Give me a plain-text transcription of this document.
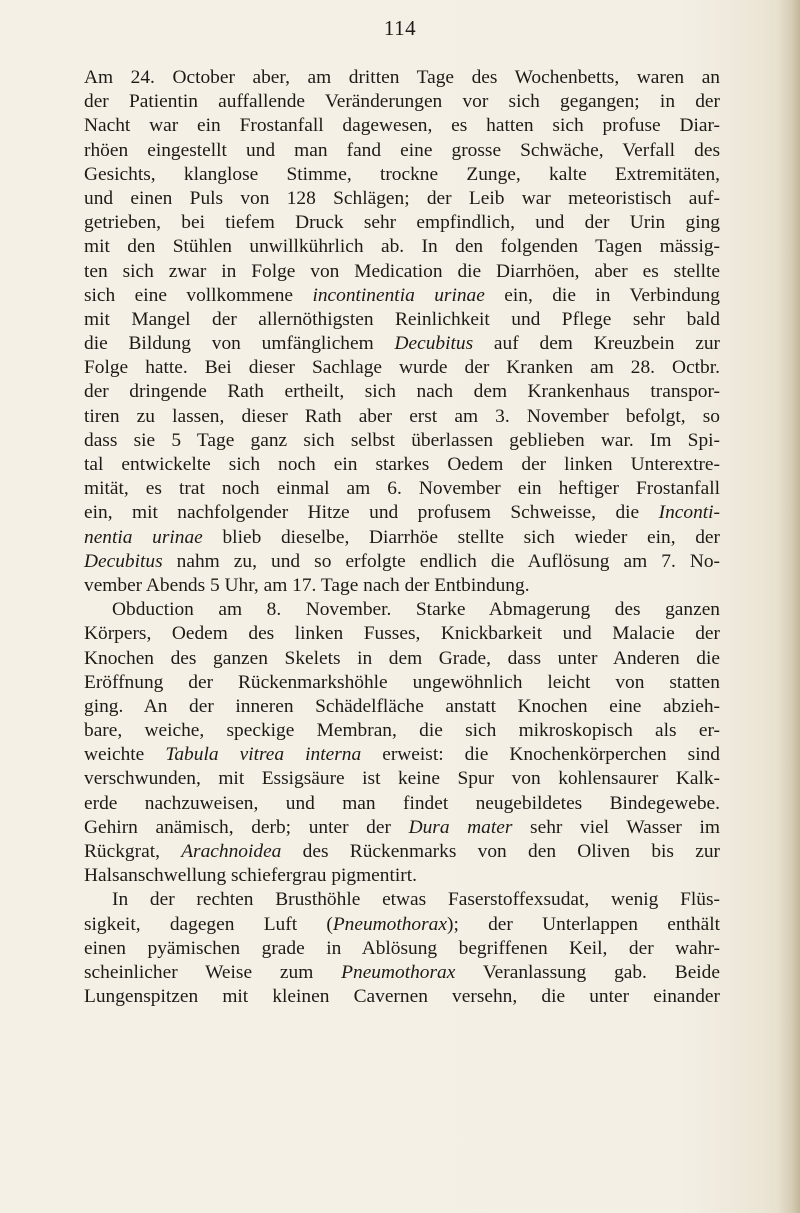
114
Am 24. October aber, am dritten Tage des Wochenbetts, waren an
der Patientin auffallende Veränderungen vor sich gegangen; in der
Nacht war ein Frostanfall dagewesen, es hatten sich profuse Diar-
rhöen eingestellt und man fand eine grosse Schwäche, Verfall des
Gesichts, klanglose Stimme, trockne Zunge, kalte Extremitäten,
und einen Puls von 128 Schlägen; der Leib war meteoristisch auf-
getrieben, bei tiefem Druck sehr empfindlich, und der Urin ging
mit den Stühlen unwillkührlich ab. In den folgenden Tagen mässig-
ten sich zwar in Folge von Medication die Diarrhöen, aber es stellte
sich eine vollkommene incontinentia urinae ein, die in Verbindung
mit Mangel der allernöthigsten Reinlichkeit und Pflege sehr bald
die Bildung von umfänglichem Decubitus auf dem Kreuzbein zur
Folge hatte. Bei dieser Sachlage wurde der Kranken am 28. Octbr.
der dringende Rath ertheilt, sich nach dem Krankenhaus transpor-
tiren zu lassen, dieser Rath aber erst am 3. November befolgt, so
dass sie 5 Tage ganz sich selbst überlassen geblieben war. Im Spi-
tal entwickelte sich noch ein starkes Oedem der linken Unterextre-
mität, es trat noch einmal am 6. November ein heftiger Frostanfall
ein, mit nachfolgender Hitze und profusem Schweisse, die Inconti-
nentia urinae blieb dieselbe, Diarrhöe stellte sich wieder ein, der
Decubitus nahm zu, und so erfolgte endlich die Auflösung am 7. No-
vember Abends 5 Uhr, am 17. Tage nach der Entbindung.
Obduction am 8. November. Starke Abmagerung des ganzen
Körpers, Oedem des linken Fusses, Knickbarkeit und Malacie der
Knochen des ganzen Skelets in dem Grade, dass unter Anderen die
Eröffnung der Rückenmarkshöhle ungewöhnlich leicht von statten
ging. An der inneren Schädelfläche anstatt Knochen eine abzieh-
bare, weiche, speckige Membran, die sich mikroskopisch als er-
weichte Tabula vitrea interna erweist: die Knochenkörperchen sind
verschwunden, mit Essigsäure ist keine Spur von kohlensaurer Kalk-
erde nachzuweisen, und man findet neugebildetes Bindegewebe.
Gehirn anämisch, derb; unter der Dura mater sehr viel Wasser im
Rückgrat, Arachnoidea des Rückenmarks von den Oliven bis zur
Halsanschwellung schiefergrau pigmentirt.
In der rechten Brusthöhle etwas Faserstoffexsudat, wenig Flüs-
sigkeit, dagegen Luft (Pneumothorax); der Unterlappen enthält
einen pyämischen grade in Ablösung begriffenen Keil, der wahr-
scheinlicher Weise zum Pneumothorax Veranlassung gab. Beide
Lungenspitzen mit kleinen Cavernen versehn, die unter einander
